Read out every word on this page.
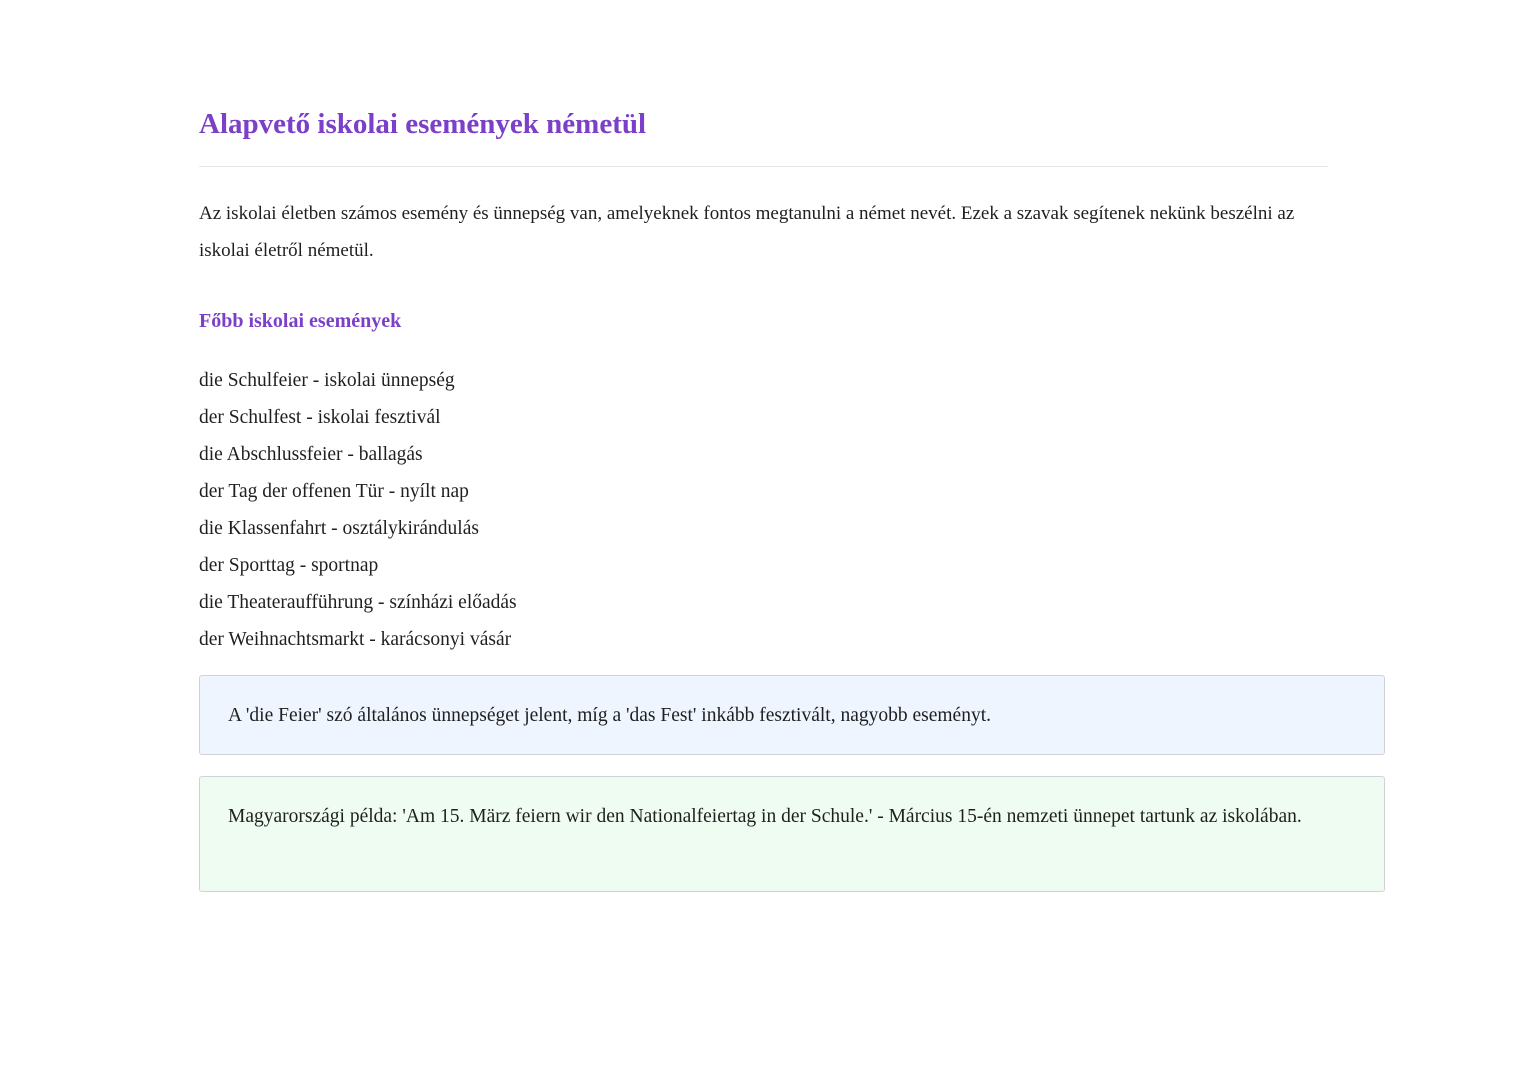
Alapvető iskolai események németül

Az iskolai életben számos esemény és ünnepség van, amelyeknek fontos megtanulni a német nevét. Ezek a szavak segítenek nekünk beszélni az iskolai életről németül.

Főbb iskolai események
die Schulfeier - iskolai ünnepség
der Schulfest - iskolai fesztivál
die Abschlussfeier - ballagás
der Tag der offenen Tür - nyílt nap
die Klassenfahrt - osztálykirándulás
der Sporttag - sportnap
die Theateraufführung - színházi előadás
der Weihnachtsmarkt - karácsonyi vásár
A 'die Feier' szó általános ünnepséget jelent, míg a 'das Fest' inkább fesztivált, nagyobb eseményt.
Magyarországi példa: 'Am 15. März feiern wir den Nationalfeiertag in der Schule.' - Március 15-én nemzeti ünnepet tartunk az iskolában.
